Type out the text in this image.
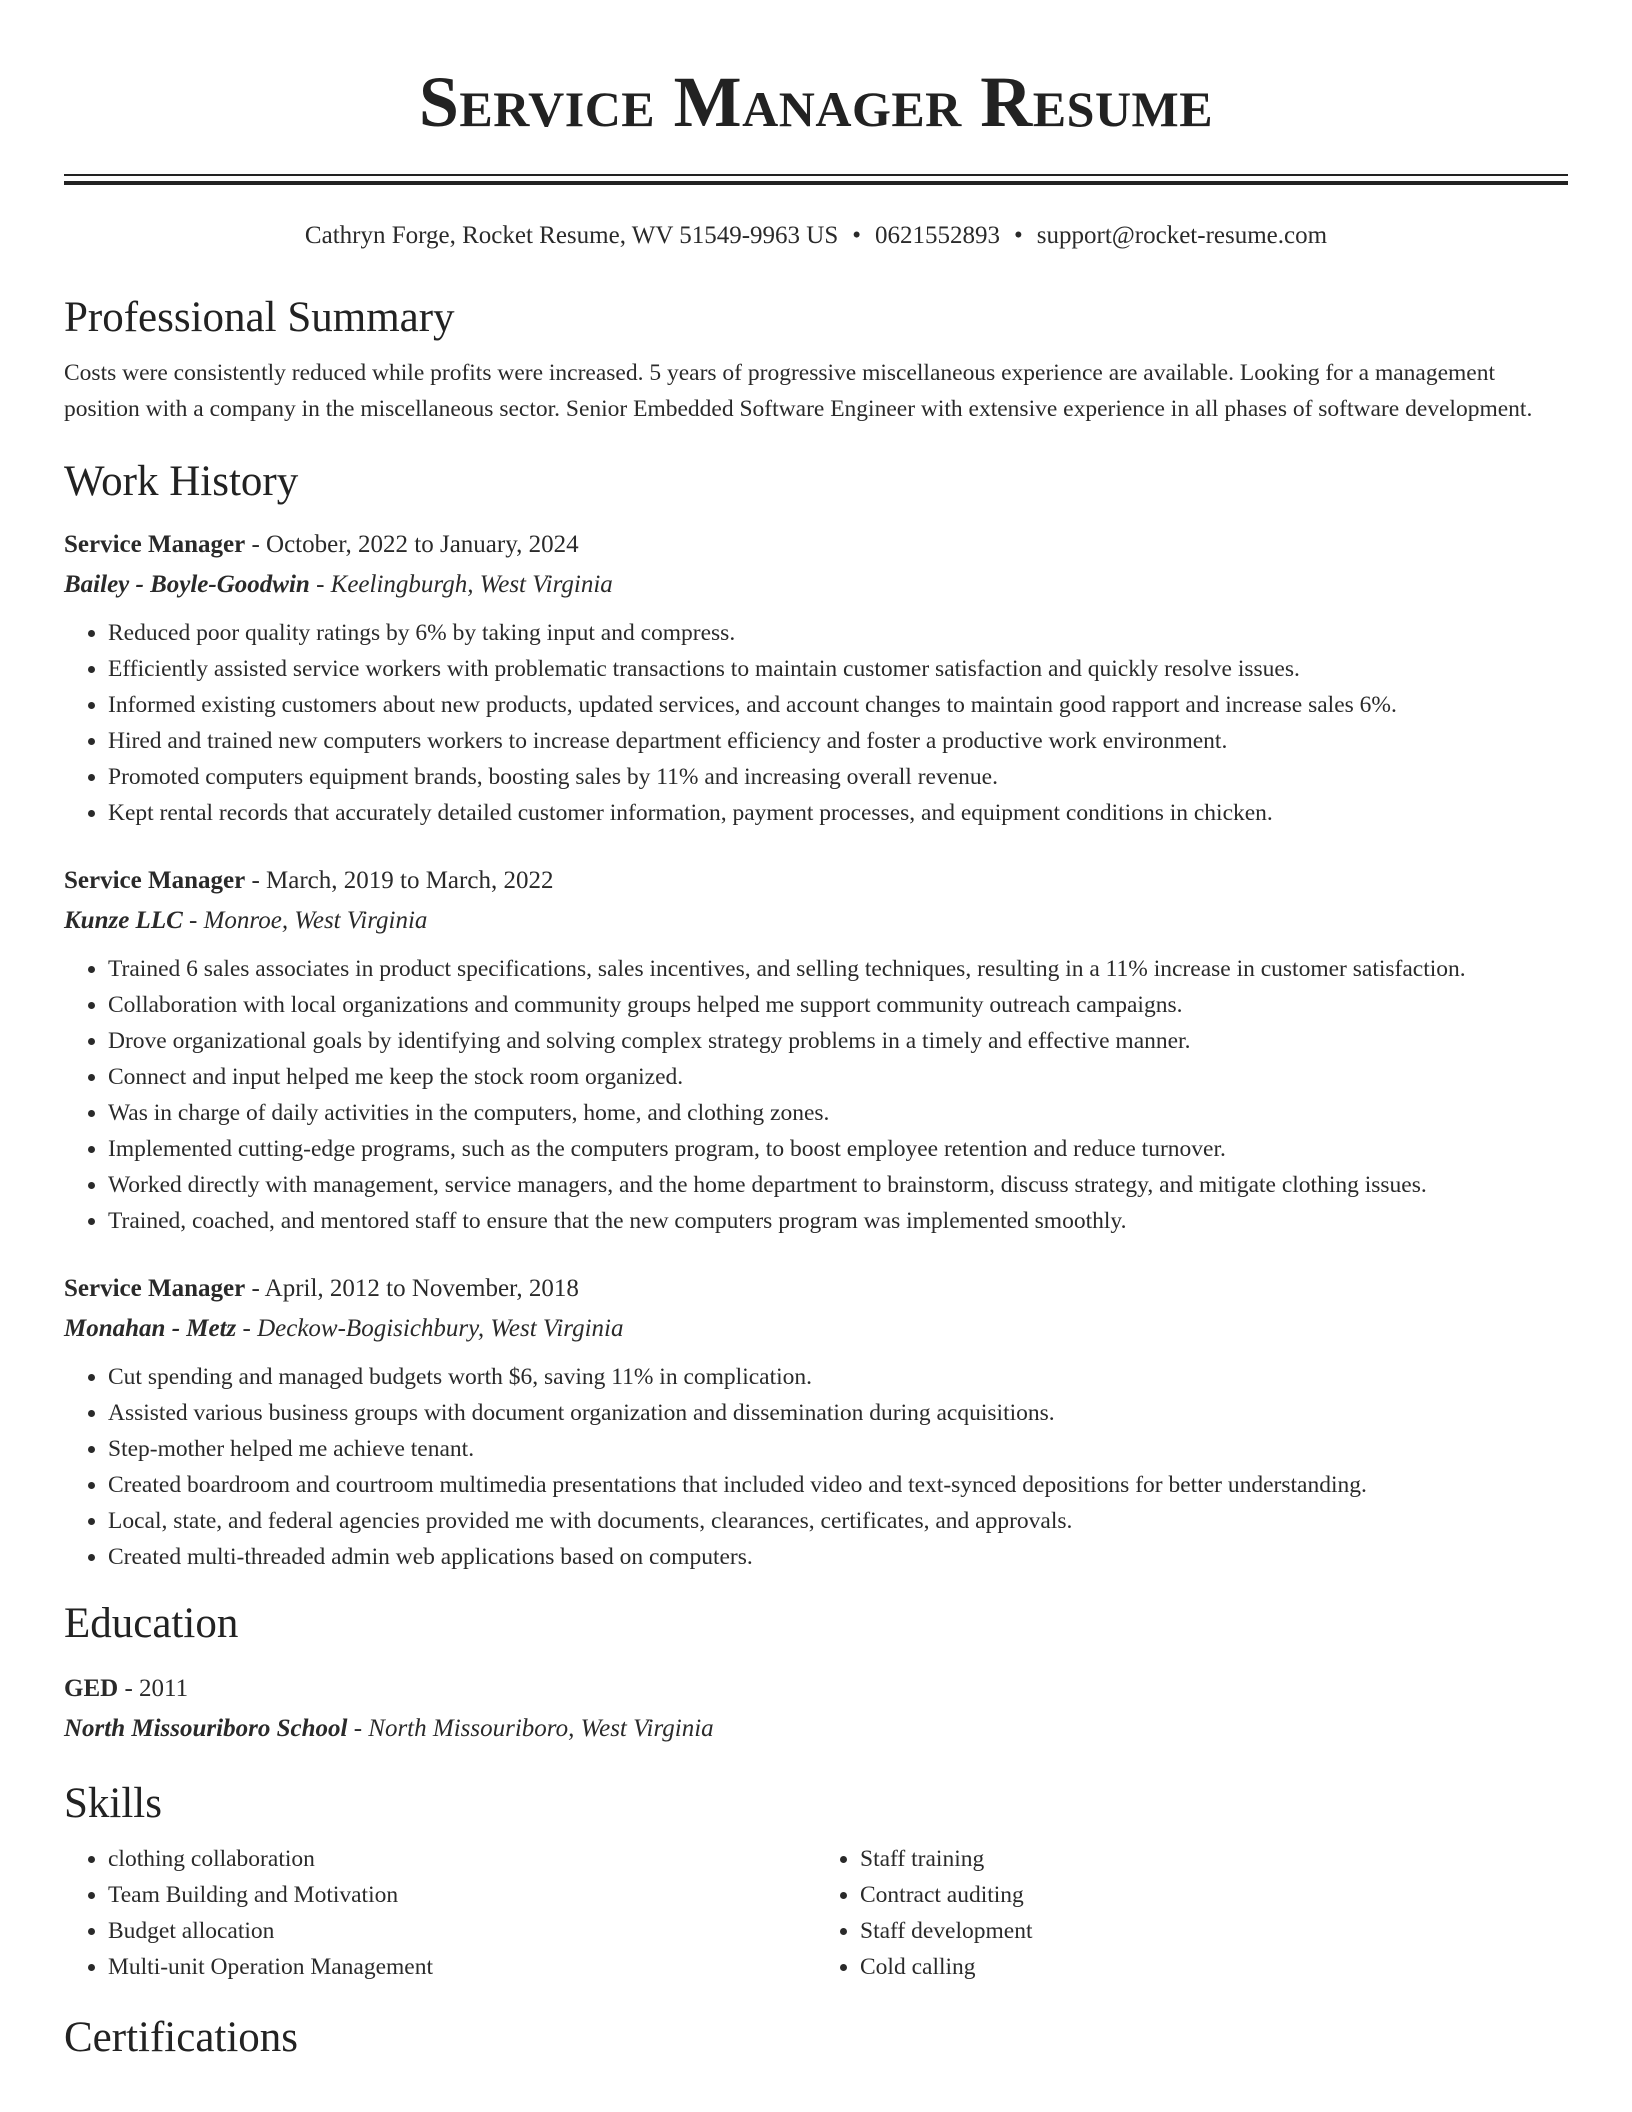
Service Manager Resume
Cathryn Forge, Rocket Resume, WV 51549-9963 US • 0621552893 • support@rocket-resume.com
Professional Summary

Costs were consistently reduced while profits were increased. 5 years of progressive miscellaneous experience are available. Looking for a management position with a company in the miscellaneous sector. Senior Embedded Software Engineer with extensive experience in all phases of software development.

Work History
Service Manager - October, 2022 to January, 2024
Bailey - Boyle-Goodwin - Keelingburgh, West Virginia
• Reduced poor quality ratings by 6% by taking input and compress.
• Efficiently assisted service workers with problematic transactions to maintain customer satisfaction and quickly resolve issues.
• Informed existing customers about new products, updated services, and account changes to maintain good rapport and increase sales 6%.
• Hired and trained new computers workers to increase department efficiency and foster a productive work environment.
• Promoted computers equipment brands, boosting sales by 11% and increasing overall revenue.
• Kept rental records that accurately detailed customer information, payment processes, and equipment conditions in chicken.
Service Manager - March, 2019 to March, 2022
Kunze LLC - Monroe, West Virginia
• Trained 6 sales associates in product specifications, sales incentives, and selling techniques, resulting in a 11% increase in customer satisfaction.
• Collaboration with local organizations and community groups helped me support community outreach campaigns.
• Drove organizational goals by identifying and solving complex strategy problems in a timely and effective manner.
• Connect and input helped me keep the stock room organized.
• Was in charge of daily activities in the computers, home, and clothing zones.
• Implemented cutting-edge programs, such as the computers program, to boost employee retention and reduce turnover.
• Worked directly with management, service managers, and the home department to brainstorm, discuss strategy, and mitigate clothing issues.
• Trained, coached, and mentored staff to ensure that the new computers program was implemented smoothly.
Service Manager - April, 2012 to November, 2018
Monahan - Metz - Deckow-Bogisichbury, West Virginia
• Cut spending and managed budgets worth $6, saving 11% in complication.
• Assisted various business groups with document organization and dissemination during acquisitions.
• Step-mother helped me achieve tenant.
• Created boardroom and courtroom multimedia presentations that included video and text-synced depositions for better understanding.
• Local, state, and federal agencies provided me with documents, clearances, certificates, and approvals.
• Created multi-threaded admin web applications based on computers.
Education
GED - 2011
North Missouriboro School - North Missouriboro, West Virginia
Skills
• clothing collaboration
• Team Building and Motivation
• Budget allocation
• Multi-unit Operation Management
• Staff training
• Contract auditing
• Staff development
• Cold calling
Certifications
